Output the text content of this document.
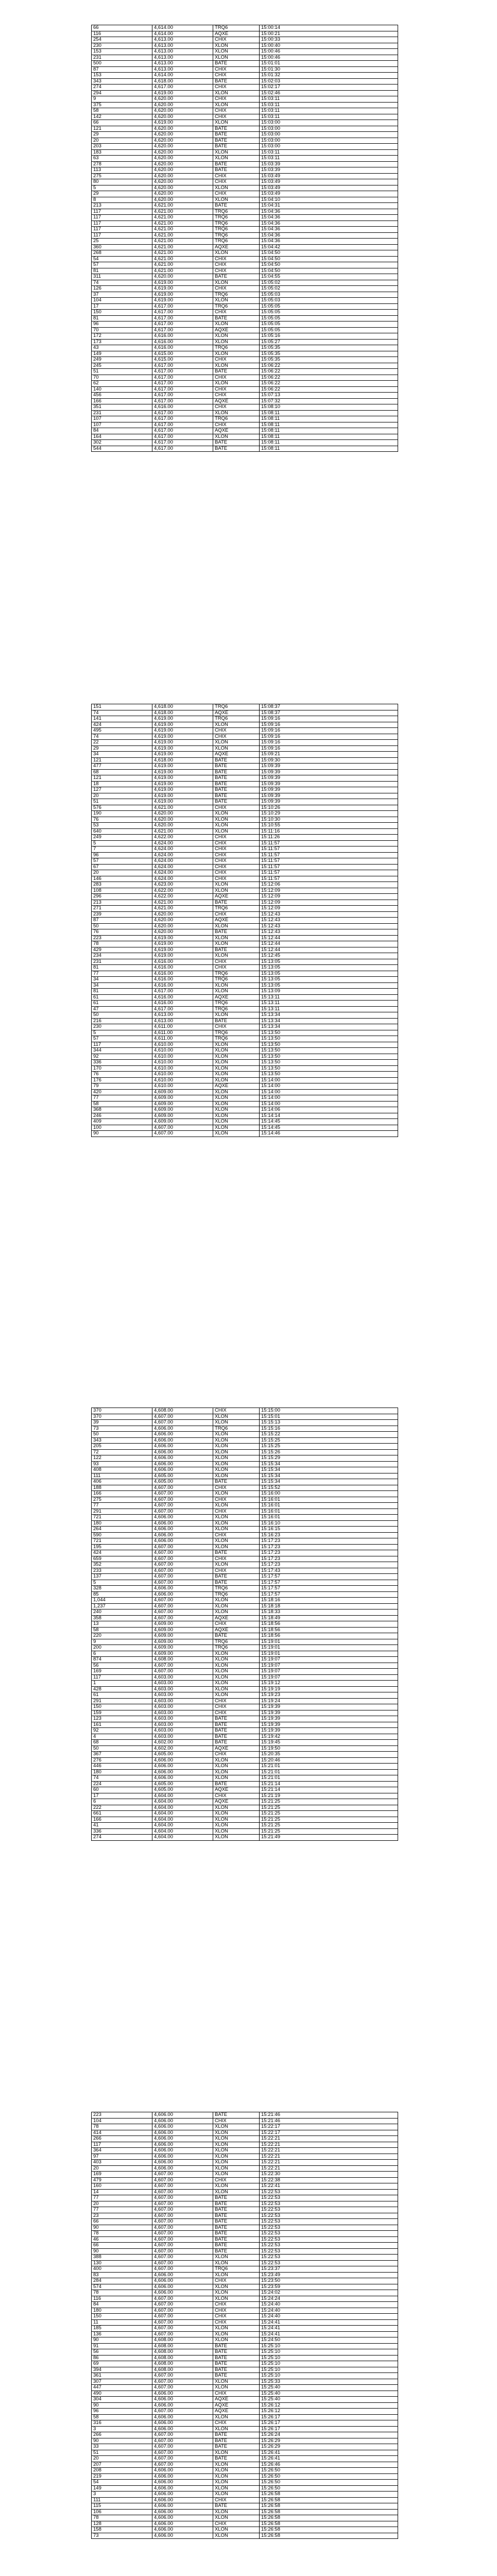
66	4,614.00	TRQ6	15:00:14
116	4,614.00	AQXE	15:00:21
254	4,613.00	CHIX	15:00:33
230	4,613.00	XLON	15:00:40
153	4,613.00	XLON	15:00:46
231	4,613.00	XLON	15:00:46
500	4,613.00	BATE	15:01:01
87	4,613.00	CHIX	15:01:30
153	4,614.00	CHIX	15:01:32
343	4,618.00	BATE	15:02:03
274	4,617.00	CHIX	15:02:17
294	4,619.00	XLON	15:02:46
9	4,620.00	CHIX	15:03:11
375	4,620.00	XLON	15:03:11
58	4,620.00	CHIX	15:03:11
142	4,620.00	CHIX	15:03:11
66	4,619.00	XLON	15:03:00
121	4,620.00	BATE	15:03:00
29	4,620.00	BATE	15:03:00
20	4,620.00	BATE	15:03:00
203	4,620.00	BATE	15:03:00
183	4,620.00	XLON	15:03:11
63	4,620.00	XLON	15:03:11
278	4,620.00	BATE	15:03:39
113	4,620.00	BATE	15:03:39
275	4,620.00	CHIX	15:03:49
80	4,620.00	CHIX	15:03:49
5	4,620.00	XLON	15:03:49
29	4,620.00	CHIX	15:03:49
8	4,620.00	XLON	15:04:10
213	4,621.00	BATE	15:04:31
117	4,621.00	TRQ6	15:04:36
117	4,621.00	TRQ6	15:04:36
117	4,621.00	TRQ6	15:04:36
117	4,621.00	TRQ6	15:04:36
117	4,621.00	TRQ6	15:04:36
25	4,621.00	TRQ6	15:04:36
360	4,621.00	AQXE	15:04:42
268	4,621.00	XLON	15:04:50
54	4,621.00	CHIX	15:04:50
57	4,621.00	CHIX	15:04:50
81	4,621.00	CHIX	15:04:50
311	4,620.00	BATE	15:04:55
74	4,619.00	XLON	15:05:02
126	4,619.00	CHIX	15:05:02
37	4,619.00	TRQ6	15:05:03
104	4,619.00	XLON	15:05:03
17	4,617.00	TRQ6	15:05:05
150	4,617.00	CHIX	15:05:05
81	4,617.00	BATE	15:05:05
96	4,617.00	XLON	15:05:05
70	4,617.00	AQXE	15:05:05
172	4,616.00	XLON	15:05:16
173	4,616.00	XLON	15:05:27
43	4,616.00	TRQ6	15:05:35
149	4,615.00	XLON	15:05:35
249	4,615.00	CHIX	15:05:35
245	4,617.00	XLON	15:06:22
51	4,617.00	BATE	15:06:22
70	4,617.00	CHIX	15:06:22
62	4,617.00	XLON	15:06:22
140	4,617.00	CHIX	15:06:22
456	4,617.00	CHIX	15:07:13
166	4,617.00	AQXE	15:07:32
351	4,616.00	CHIX	15:08:10
231	4,617.00	XLON	15:08:11
107	4,617.00	TRQ6	15:08:11
107	4,617.00	CHIX	15:08:11
84	4,617.00	AQXE	15:08:11
164	4,617.00	XLON	15:08:11
302	4,617.00	BATE	15:08:11
544	4,617.00	BATE	15:08:11
151	4,618.00	TRQ6	15:08:37
74	4,618.00	AQXE	15:08:37
141	4,619.00	TRQ6	15:09:16
424	4,619.00	XLON	15:09:16
495	4,619.00	CHIX	15:09:16
74	4,619.00	CHIX	15:09:16
22	4,619.00	XLON	15:09:16
29	4,619.00	XLON	15:09:16
34	4,619.00	AQXE	15:09:21
121	4,618.00	BATE	15:09:30
477	4,619.00	BATE	15:09:39
68	4,619.00	BATE	15:09:39
121	4,619.00	BATE	15:09:39
18	4,619.00	BATE	15:09:39
127	4,619.00	BATE	15:09:39
20	4,619.00	BATE	15:09:39
51	4,619.00	BATE	15:09:39
576	4,621.00	CHIX	15:10:26
190	4,620.00	XLON	15:10:29
76	4,620.00	XLON	15:10:30
53	4,620.00	XLON	15:10:55
640	4,621.00	XLON	15:11:16
249	4,622.00	CHIX	15:11:26
5	4,624.00	CHIX	15:11:57
7	4,624.00	CHIX	15:11:57
96	4,624.00	CHIX	15:11:57
57	4,624.00	CHIX	15:11:57
67	4,624.00	CHIX	15:11:57
20	4,624.00	CHIX	15:11:57
146	4,624.00	CHIX	15:11:57
283	4,623.00	XLON	15:12:06
108	4,622.00	XLON	15:12:09
296	4,622.00	AQXE	15:12:09
213	4,621.00	BATE	15:12:09
271	4,621.00	TRQ6	15:12:09
239	4,620.00	CHIX	15:12:43
87	4,620.00	AQXE	15:12:43
50	4,620.00	XLON	15:12:43
76	4,620.00	BATE	15:12:43
223	4,619.00	XLON	15:12:44
78	4,619.00	XLON	15:12:44
429	4,619.00	BATE	15:12:44
234	4,619.00	XLON	15:12:45
231	4,616.00	CHIX	15:13:05
81	4,616.00	CHIX	15:13:05
77	4,616.00	TRQ6	15:13:05
34	4,616.00	TRQ6	15:13:05
34	4,616.00	XLON	15:13:05
81	4,617.00	XLON	15:13:09
61	4,616.00	AQXE	15:13:11
61	4,616.00	TRQ6	15:13:11
47	4,617.00	TRQ6	15:13:11
50	4,613.00	XLON	15:13:34
216	4,613.00	BATE	15:13:34
230	4,611.00	CHIX	15:13:34
5	4,611.00	TRQ6	15:13:50
57	4,611.00	TRQ6	15:13:50
117	4,610.00	XLON	15:13:50
344	4,610.00	XLON	15:13:50
92	4,610.00	XLON	15:13:50
336	4,610.00	XLON	15:13:50
170	4,610.00	XLON	15:13:50
76	4,610.00	XLON	15:13:50
176	4,610.00	XLON	15:14:00
79	4,610.00	AQXE	15:14:00
420	4,609.00	XLON	15:14:00
77	4,609.00	XLON	15:14:00
58	4,609.00	XLON	15:14:00
368	4,609.00	XLON	15:14:06
246	4,609.00	XLON	15:14:14
409	4,609.00	XLON	15:14:45
100	4,607.00	XLON	15:14:45
90	4,607.00	XLON	15:14:46
370	4,608.00	CHIX	15:15:00
370	4,607.00	XLON	15:15:01
39	4,607.00	XLON	15:15:13
73	4,606.00	TRQ6	15:15:16
50	4,606.00	XLON	15:15:22
343	4,606.00	XLON	15:15:25
205	4,606.00	XLON	15:15:25
72	4,606.00	XLON	15:15:26
122	4,606.00	XLON	15:15:29
93	4,606.00	XLON	15:15:34
408	4,606.00	XLON	15:15:34
111	4,605.00	XLON	15:15:34
406	4,605.00	BATE	15:15:34
188	4,607.00	CHIX	15:15:52
166	4,607.00	XLON	15:16:00
275	4,607.00	CHIX	15:16:01
77	4,607.00	XLON	15:16:01
291	4,607.00	CHIX	15:16:01
721	4,606.00	XLON	15:16:01
180	4,606.00	XLON	15:16:10
264	4,606.00	XLON	15:16:15
590	4,606.00	CHIX	15:16:23
721	4,606.00	XLON	15:17:23
195	4,607.00	XLON	15:17:23
424	4,607.00	BATE	15:17:23
659	4,607.00	CHIX	15:17:23
352	4,607.00	XLON	15:17:23
233	4,607.00	CHIX	15:17:43
137	4,607.00	BATE	15:17:57
5	4,607.00	BATE	15:17:57
328	4,606.00	TRQ6	15:17:57
85	4,606.00	TRQ6	15:17:57
1,044	4,607.00	XLON	15:18:16
1,237	4,607.00	XLON	15:18:18
240	4,607.00	XLON	15:18:33
358	4,607.00	AQXE	15:18:49
13	4,609.00	CHIX	15:18:56
58	4,609.00	AQXE	15:18:56
220	4,609.00	BATE	15:18:56
9	4,609.00	TRQ6	15:19:01
200	4,609.00	TRQ6	15:19:01
6	4,609.00	XLON	15:19:01
874	4,608.00	XLON	15:19:07
56	4,607.00	XLON	15:19:07
169	4,607.00	XLON	15:19:07
117	4,603.00	XLON	15:19:07
1	4,603.00	XLON	15:19:12
428	4,603.00	XLON	15:19:19
61	4,603.00	XLON	15:19:23
291	4,603.00	CHIX	15:19:24
150	4,603.00	CHIX	15:19:39
159	4,603.00	CHIX	15:19:39
123	4,603.00	BATE	15:19:39
161	4,603.00	BATE	15:19:39
92	4,603.00	BATE	15:19:39
4	4,603.00	BATE	15:19:42
68	4,602.00	BATE	15:19:45
50	4,602.00	AQXE	15:19:50
367	4,605.00	CHIX	15:20:35
276	4,606.00	XLON	15:20:46
446	4,606.00	XLON	15:21:01
180	4,606.00	XLON	15:21:01
74	4,606.00	XLON	15:21:01
224	4,605.00	BATE	15:21:14
60	4,605.00	AQXE	15:21:14
17	4,604.00	CHIX	15:21:19
6	4,604.00	AQXE	15:21:25
222	4,604.00	XLON	15:21:25
661	4,604.00	XLON	15:21:25
166	4,604.00	XLON	15:21:25
41	4,604.00	XLON	15:21:25
336	4,604.00	XLON	15:21:25
274	4,604.00	XLON	15:21:49
223	4,606.00	BATE	15:21:46
104	4,606.00	CHIX	15:21:46
78	4,606.00	XLON	15:22:17
414	4,606.00	XLON	15:22:17
266	4,606.00	XLON	15:22:21
117	4,606.00	XLON	15:22:21
364	4,606.00	XLON	15:22:21
97	4,606.00	XLON	15:22:21
403	4,606.00	XLON	15:22:21
20	4,606.00	XLON	15:22:21
169	4,607.00	XLON	15:22:30
479	4,607.00	CHIX	15:22:38
160	4,607.00	XLON	15:22:41
14	4,607.00	XLON	15:22:53
77	4,607.00	BATE	15:22:53
20	4,607.00	BATE	15:22:53
77	4,607.00	BATE	15:22:53
23	4,607.00	BATE	15:22:53
66	4,607.00	BATE	15:22:53
90	4,607.00	BATE	15:22:53
78	4,607.00	BATE	15:22:53
46	4,607.00	BATE	15:22:53
66	4,607.00	BATE	15:22:53
90	4,607.00	BATE	15:22:53
388	4,607.00	XLON	15:22:53
130	4,607.00	XLON	15:22:53
400	4,607.00	TRQ6	15:23:37
83	4,606.00	XLON	15:23:49
284	4,606.00	CHIX	15:23:50
574	4,606.00	XLON	15:23:59
78	4,606.00	XLON	15:24:02
116	4,607.00	XLON	15:24:24
84	4,607.00	CHIX	15:24:40
180	4,607.00	CHIX	15:24:40
150	4,607.00	CHIX	15:24:40
11	4,607.00	CHIX	15:24:41
185	4,607.00	XLON	15:24:41
136	4,607.00	XLON	15:24:41
90	4,608.00	XLON	15:24:50
91	4,608.00	BATE	15:25:10
56	4,608.00	BATE	15:25:10
86	4,608.00	BATE	15:25:10
69	4,608.00	BATE	15:25:10
394	4,608.00	BATE	15:25:10
361	4,607.00	BATE	15:25:10
307	4,607.00	XLON	15:25:33
447	4,607.00	XLON	15:25:40
490	4,606.00	CHIX	15:25:40
304	4,606.00	AQXE	15:25:40
90	4,606.00	AQXE	15:26:12
96	4,607.00	AQXE	15:26:12
58	4,606.00	XLON	15:26:17
316	4,606.00	CHIX	15:26:17
3	4,606.00	XLON	15:26:17
266	4,607.00	BATE	15:26:24
90	4,607.00	BATE	15:26:29
33	4,607.00	BATE	15:26:29
51	4,607.00	XLON	15:26:41
20	4,607.00	BATE	15:26:41
207	4,607.00	XLON	15:26:46
208	4,606.00	XLON	15:26:50
219	4,606.00	XLON	15:26:50
54	4,606.00	XLON	15:26:50
149	4,606.00	XLON	15:26:50
3	4,606.00	XLON	15:26:58
111	4,606.00	CHIX	15:26:58
115	4,606.00	BATE	15:26:58
106	4,606.00	XLON	15:26:58
78	4,606.00	XLON	15:26:58
128	4,606.00	CHIX	15:26:58
158	4,606.00	XLON	15:26:58
73	4,606.00	XLON	15:26:58
